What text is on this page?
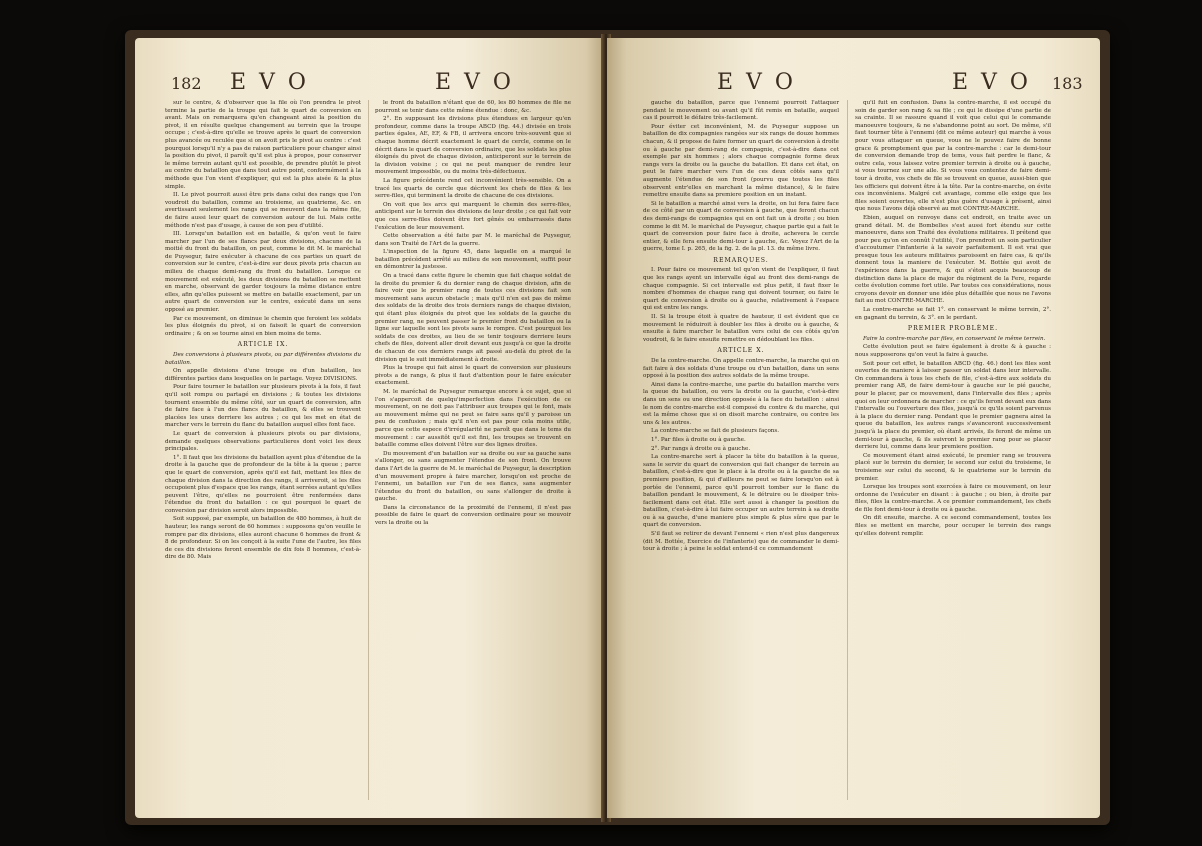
182 E V O	E V O

sur le centre, & d'observer que la file où l'on prendra le pivot termine la partie de la troupe qui fait le quart de conversion en avant. Mais on remarquera qu'en changeant ainsi la position du pivot, il en résulte quelque changement au terrein que la troupe occupe ; c'est-à-dire qu'elle se trouve après le quart de conversion plus avancée ou reculée que si on avoit pris le pivot au centre : c'est pourquoi lorsqu'il n'y a pas de raison particuliere pour changer ainsi la position du pivot, il paroît qu'il est plus à propos, pour conserver le même terrein autant qu'il est possible, de prendre plutôt le pivot au centre du bataillon que dans tout autre point, conformément à la méthode que l'on vient d'expliquer, qui est la plus aisée & la plus simple.

II. Le pivot pourroit aussi être pris dans celui des rangs que l'on voudroit du bataillon, comme au troisieme, au quatrieme, &c. en avertissant seulement les rangs qui se meuvent dans la même file, de faire aussi leur quart de conversion autour de lui. Mais cette méthode n'est pas d'usage, à cause de son peu d'utilité.

III. Lorsqu'un bataillon est en bataille, & qu'on veut le faire marcher par l'un de ses flancs par deux divisions, chacune de la moitié du front du bataillon, on peut, comme le dit M. le maréchal de Puysegur, faire exécuter à chacune de ces parties un quart de conversion sur le centre, c'est-à-dire sur deux pivots pris chacun au milieu de chaque demi-rang du front du bataillon. Lorsque ce mouvement est exécuté, les deux divisions du bataillon se mettent en marche, observant de garder toujours la même distance entre elles, afin qu'elles puissent se mettre en bataille exactement, par un autre quart de conversion sur le centre, exécuté dans un sens opposé au premier.

Par ce mouvement, on diminue le chemin que feroient les soldats les plus éloignés du pivot, si on faisoit le quart de conversion ordinaire ; & on se tourne ainsi en bien moins de tems.

ARTICLE IX.

Des conversions à plusieurs pivots, ou par différentes divisions du bataillon.

On appelle divisions d'une troupe ou d'un bataillon, les différentes parties dans lesquelles on le partage. Voyez DIVISIONS.

Pour faire tourner le bataillon sur plusieurs pivots à la fois, il faut qu'il soit rompu ou partagé en divisions ; & toutes les divisions tournent ensemble du même côté, sur un quart de conversion, afin de faire face à l'un des flancs du bataillon, & elles se trouvent placées les unes derriere les autres ; ce qui les met en état de marcher vers le terrein du flanc du bataillon auquel elles font face.

Le quart de conversion à plusieurs pivots ou par divisions, demande quelques observations particulieres dont voici les deux principales.

1°. Il faut que les divisions du bataillon ayent plus d'étendue de la droite à la gauche que de profondeur de la tête à la queue ; parce que le quart de conversion, après qu'il est fait, mettant les files de chaque division dans la direction des rangs, il arriveroit, si les files occupoient plus d'espace que les rangs, étant serrées autant qu'elles peuvent l'être, qu'elles ne pourroient être renfermées dans l'étendue du front du bataillon : ce qui pourquoi le quart de conversion par division seroit alors impossible.

Soit supposé, par exemple, un bataillon de 480 hommes, à huit de hauteur, les rangs seront de 60 hommes : supposons qu'on veuille le rompre par dix divisions, elles auront chacune 6 hommes de front & 8 de profondeur. Si on les conçoit à la suite l'une de l'autre, les files de ces dix divisions feront ensemble de dix fois 8 hommes, c'est-à-dire de 80. Mais

le front du bataillon n'étant que de 60, les 80 hommes de file ne pourront se tenir dans cette même étendue : donc, &c.

2°. En supposant les divisions plus étendues en largeur qu'en profondeur, comme dans la troupe ABCD (fig. 44.) divisée en trois parties égales, AE, EF, & FB, il arrivera encore très-souvent que si chaque homme décrit exactement le quart de cercle, comme on le décrit dans le quart de conversion ordinaire, que les soldats les plus éloignés du pivot de chaque division, anticiperont sur le terrein de la division voisine ; ce qui ne peut manquer de rendre leur mouvement impossible, ou du moins très-défectueux.

La figure précédente rend cet inconvénient très-sensible. On a tracé les quarts de cercle que décrivent les chefs de files & les serre-files, qui terminent la droite de chacune de ces divisions.

On voit que les arcs qui marquent le chemin des serre-files, anticipent sur le terrein des divisions de leur droite ; ce qui fait voir que ces serre-files doivent être fort gênés ou embarrassés dans l'exécution de leur mouvement.

Cette observation a été faite par M. le maréchal de Puysegur, dans son Traité de l'Art de la guerre.

L'inspection de la figure 45, dans laquelle on a marqué le bataillon précédent arrêté au milieu de son mouvement, suffit pour en démontrer la justesse.

On a tracé dans cette figure le chemin que fait chaque soldat de la droite du premier & du dernier rang de chaque division, afin de faire voir que le premier rang de toutes ces divisions fait son mouvement sans aucun obstacle ; mais qu'il n'en est pas de même des soldats de la droite des trois derniers rangs de chaque division, qui étant plus éloignés du pivot que les soldats de la gauche du premier rang, ne peuvent passer le premier front du bataillon ou la ligne sur laquelle sont les pivots sans le rompre. C'est pourquoi les soldats de ces droites, au lieu de se tenir toujours derriere leurs chefs de files, doivent aller droit devant eux jusqu'à ce que la droite de chacun de ces derniers rangs ait passé au-delà du pivot de la division qui le suit immédiatement à droite.

Plus la troupe qui fait ainsi le quart de conversion sur plusieurs pivots a de rangs, & plus il faut d'attention pour le faire exécuter exactement.

M. le maréchal de Puysegur remarque encore à ce sujet, que si l'on s'appercoit de quelqu'imperfection dans l'exécution de ce mouvement, on ne doit pas l'attribuer aux troupes qui le font, mais au mouvement même qui ne peut se faire sans qu'il y paroisse un peu de confusion ; mais qu'il n'en est pas pour cela moins utile, parce que cette espece d'irrégularité ne paroît que dans le tems du mouvement : car aussitôt qu'il est fini, les troupes se trouvent en bataille comme elles doivent l'être sur des lignes droites.

Du mouvement d'un bataillon sur sa droite ou sur sa gauche sans s'allonger, ou sans augmenter l'étendue de son front. On trouve dans l'Art de la guerre de M. le maréchal de Puysegur, la description d'un mouvement propre à faire marcher, lorsqu'on est proche de l'ennemi, un bataillon sur l'un de ses flancs, sans augmenter l'étendue du front du bataillon, ou sans s'allonger de droite à gauche.

Dans la circonstance de la proximité de l'ennemi, il n'est pas possible de faire le quart de conversion ordinaire pour se mouvoir vers la droite ou la

E V O	E V O 183

gauche du bataillon, parce que l'ennemi pourroit l'attaquer pendant le mouvement ou avant qu'il fût remis en bataille, auquel cas il pourroit le défaire très-facilement.

Pour éviter cet inconvénient, M. de Puysegur suppose un bataillon de dix compagnies rangées sur six rangs de douze hommes chacun, & il propose de faire former un quart de conversion à droite ou à gauche par demi-rang de compagnie, c'est-à-dire dans cet exemple par six hommes ; alors chaque compagnie forme deux rangs vers la droite ou la gauche du bataillon. Et dans cet état, on peut le faire marcher vers l'un de ces deux côtés sans qu'il augmente l'étendue de son front (pourvu que toutes les files observent entr'elles en marchant la même distance), & le faire remettre ensuite dans sa premiere position en un instant.

Si le bataillon a marché ainsi vers la droite, on lui fera faire face de ce côté par un quart de conversion à gauche, que feront chacun des demi-rangs de compagnies qui en ont fait un à droite ; ou bien comme le dit M. le maréchal de Puysegur, chaque partie qui a fait le quart de conversion pour faire face à droite, achevera le cercle entier, & elle fera ensuite demi-tour à gauche, &c. Voyez l'Art de la guerre, tome I. p. 265, de la fig. 2. de la pl. 13. du même livre.

REMARQUES.

I. Pour faire ce mouvement tel qu'on vient de l'expliquer, il faut que les rangs ayent un intervalle égal au front des demi-rangs de chaque compagnie. Si cet intervalle est plus petit, il faut fixer le nombre d'hommes de chaque rang qui doivent tourner, ou faire le quart de conversion à droite ou à gauche, relativement à l'espace qui est entre les rangs.

II. Si la troupe étoit à quatre de hauteur, il est évident que ce mouvement le réduiroit à doubler les files à droite ou à gauche, & ensuite à faire marcher le bataillon vers celui de ces côtés qu'on voudroit, & le faire ensuite remettre en dédoublant les files.

ARTICLE X.

De la contre-marche. On appelle contre-marche, la marche qui on fait faire à des soldats d'une troupe ou d'un bataillon, dans un sens opposé à la position des autres soldats de la même troupe.

Ainsi dans la contre-marche, une partie du bataillon marche vers la queue du bataillon, ou vers la droite ou la gauche, c'est-à-dire dans un sens ou une direction opposée à la face du bataillon : ainsi le nom de contre-marche est-il composé du contre & du marche, qui est la même chose que si on disoit marche contraire, ou contre les uns & les autres.

La contre-marche se fait de plusieurs façons.

1°. Par files à droite ou à gauche.

2°. Par rangs à droite ou à gauche.

La contre-marche sert à placer la tête du bataillon à la queue, sans le servir du quart de conversion qui fait changer de terrein au bataillon, c'est-à-dire que le place à la droite ou à la gauche de sa premiere position, & qui d'ailleurs ne peut se faire lorsqu'on est à portée de l'ennemi, parce qu'il pourroit tomber sur le flanc du bataillon pendant le mouvement, & le détruire ou le dissiper très-facilement dans cet état. Elle sert aussi à changer la position du bataillon, c'est-à-dire à lui faire occuper un autre terrein à sa droite ou à sa gauche, d'une maniere plus simple & plus sûre que par le quart de conversion.

S'il faut se retirer de devant l'ennemi « rien n'est plus dangereux (dit M. Bottée, Exercice de l'infanterie) que de commander le demi-tour à droite ; à peine le soldat entend-il ce commandement

qu'il fuit en confusion. Dans la contre-marche, il est occupé du soin de garder son rang & sa file ; ce qui le dissipe d'une partie de sa crainte. Il se rassure quand il voit que celui qui le commande manoeuvre toujours, & ne s'abandonne point au sort. De même, s'il faut tourner tête à l'ennemi (dit ce même auteur) qui marche à vous pour vous attaquer en queue, vous ne le pouvez faire de bonne grace & promptement que par la contre-marche : car le demi-tour de conversion demande trop de tems, vous fait perdre le flanc, & outre cela, vous laissez votre premier terrein à droite ou à gauche, si vous tournez sur une aile. Si vous vous contentez de faire demi-tour à droite, vos chefs de file se trouvent en queue, aussi-bien que les officiers qui doivent être à la tête. Par la contre-marche, on évite ces inconvéniens. Malgré cet avantage, comme elle exige que les files soient ouvertes, elle n'est plus guère d'usage à présent, ainsi que nous l'avons déjà observé au mot CONTRE-MARCHE.

Ebien, auquel on renvoye dans cet endroit, en traite avec un grand détail. M. de Bombelles s'est aussi fort étendu sur cette manoeuvre, dans son Traité des évolutions militaires. Il prétend que pour peu qu'on en connût l'utilité, l'on prendroit un soin particulier d'accoutumer l'infanterie à la savoir parfaitement. Il est vrai que presque tous les auteurs militaires paroissent en faire cas, & qu'ils donnent tous la maniere de l'exécuter. M. Bottée qui avoit de l'expérience dans la guerre, & qui s'étoit acquis beaucoup de distinction dans la place de major du régiment de la Fere, regarde cette évolution comme fort utile. Par toutes ces considérations, nous croyons devoir en donner une idée plus détaillée que nous ne l'avons fait au mot CONTRE-MARCHE.

La contre-marche se fait 1°. en conservant le même terrein, 2°. en gagnant du terrein, & 3°. en le perdant.

PREMIER PROBLÈME.

Faire la contre-marche par files, en conservant le même terrein.

Cette évolution peut se faire également à droite & à gauche : nous supposerons qu'on veut la faire à gauche.

Soit pour cet effet, le bataillon ABCD (fig. 46.) dont les files sont ouvertes de maniere à laisser passer un soldat dans leur intervalle. On commandera à tous les chefs de file, c'est-à-dire aux soldats du premier rang AB, de faire demi-tour à gauche sur le pié gauche, pour le placer, par ce mouvement, dans l'intervalle des files ; après quoi on leur ordonnera de marcher : ce qu'ils feront devant eux dans l'intervalle ou l'ouverture des files, jusqu'à ce qu'ils soient parvenus à la place du dernier rang. Pendant que le premier gagnera ainsi la queue du bataillon, les autres rangs s'avanceront successivement jusqu'à la place du premier, où étant arrivés, ils feront de même un demi-tour à gauche, & ils suivront le premier rang pour se placer derriere lui, comme dans leur premiere position.

Ce mouvement étant ainsi exécuté, le premier rang se trouvera placé sur le terrein du dernier, le second sur celui du troisieme, le troisieme sur celui du second, & le quatrieme sur le terrein du premier.

Lorsque les troupes sont exercées à faire ce mouvement, on leur ordonne de l'exécuter en disant : à gauche ; ou bien, à droite par files, files la contre-marche. A ce premier commandement, les chefs de file font demi-tour à droite ou à gauche.

On dit ensuite, marche. A ce second commandement, toutes les files se mettent en marche, pour occuper le terrein des rangs qu'elles doivent remplir.
